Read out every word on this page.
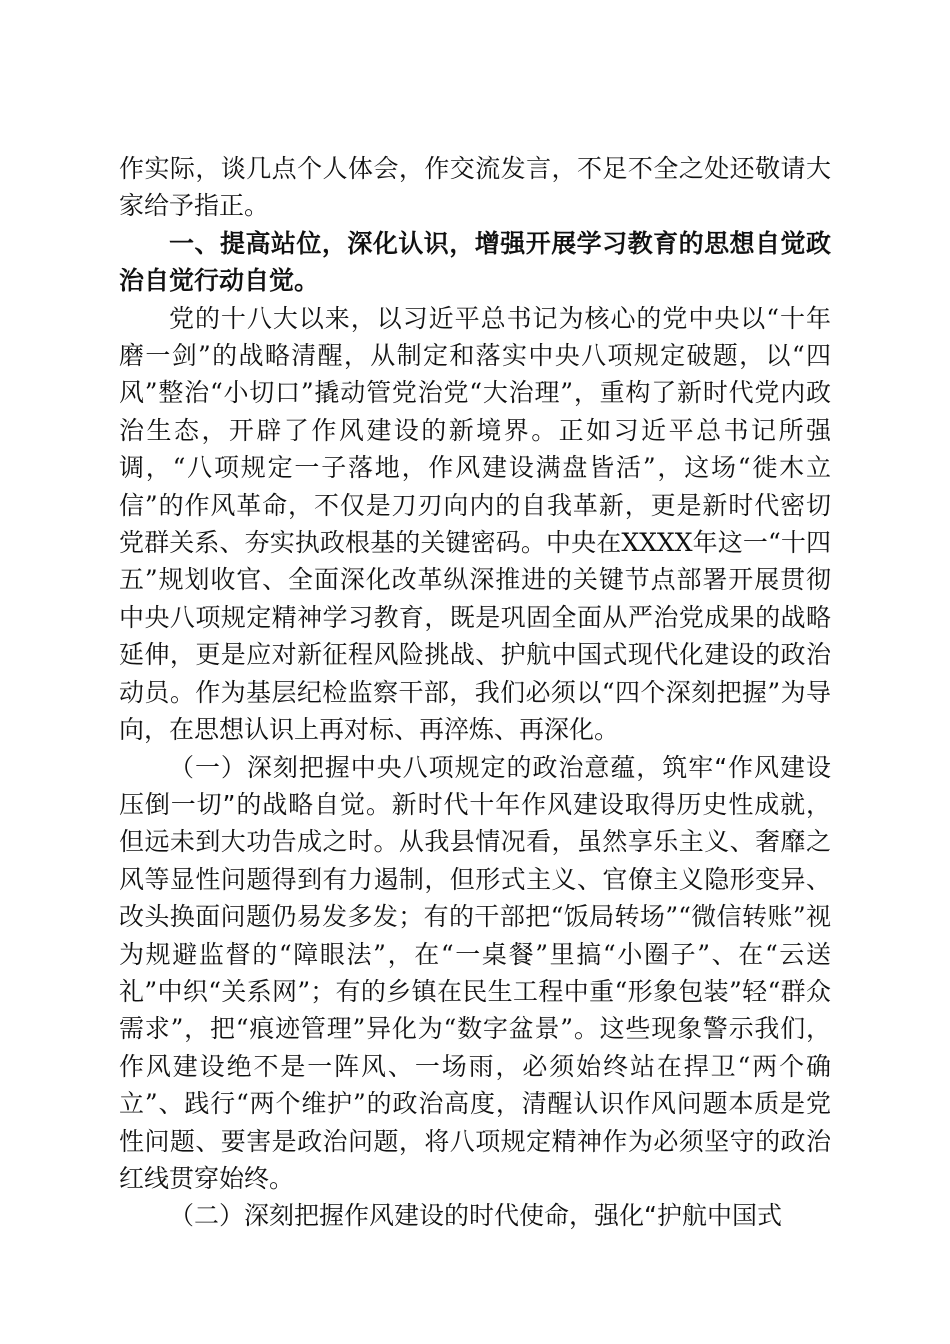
作实际，谈几点个人体会，作交流发言，不足不全之处还敬请大家给予指正。

一、提高站位，深化认识，增强开展学习教育的思想自觉政治自觉行动自觉。

党的十八大以来，以习近平总书记为核心的党中央以“十年磨一剑”的战略清醒，从制定和落实中央八项规定破题，以“四风”整治“小切口”撬动管党治党“大治理”，重构了新时代党内政治生态，开辟了作风建设的新境界。正如习近平总书记所强调，“八项规定一子落地，作风建设满盘皆活”，这场“徙木立信”的作风革命，不仅是刀刃向内的自我革新，更是新时代密切党群关系、夯实执政根基的关键密码。中央在XXXX年这一“十四五”规划收官、全面深化改革纵深推进的关键节点部署开展贯彻中央八项规定精神学习教育，既是巩固全面从严治党成果的战略延伸，更是应对新征程风险挑战、护航中国式现代化建设的政治动员。作为基层纪检监察干部，我们必须以“四个深刻把握”为导向，在思想认识上再对标、再淬炼、再深化。

（一）深刻把握中央八项规定的政治意蕴，筑牢“作风建设压倒一切”的战略自觉。新时代十年作风建设取得历史性成就，但远未到大功告成之时。从我县情况看，虽然享乐主义、奢靡之风等显性问题得到有力遏制，但形式主义、官僚主义隐形变异、改头换面问题仍易发多发；有的干部把“饭局转场”“微信转账”视为规避监督的“障眼法”，在“一桌餐”里搞“小圈子”、在“云送礼”中织“关系网”；有的乡镇在民生工程中重“形象包装”轻“群众需求”，把“痕迹管理”异化为“数字盆景”。这些现象警示我们，作风建设绝不是一阵风、一场雨，必须始终站在捍卫“两个确立”、践行“两个维护”的政治高度，清醒认识作风问题本质是党性问题、要害是政治问题，将八项规定精神作为必须坚守的政治红线贯穿始终。

（二）深刻把握作风建设的时代使命，强化“护航中国式
